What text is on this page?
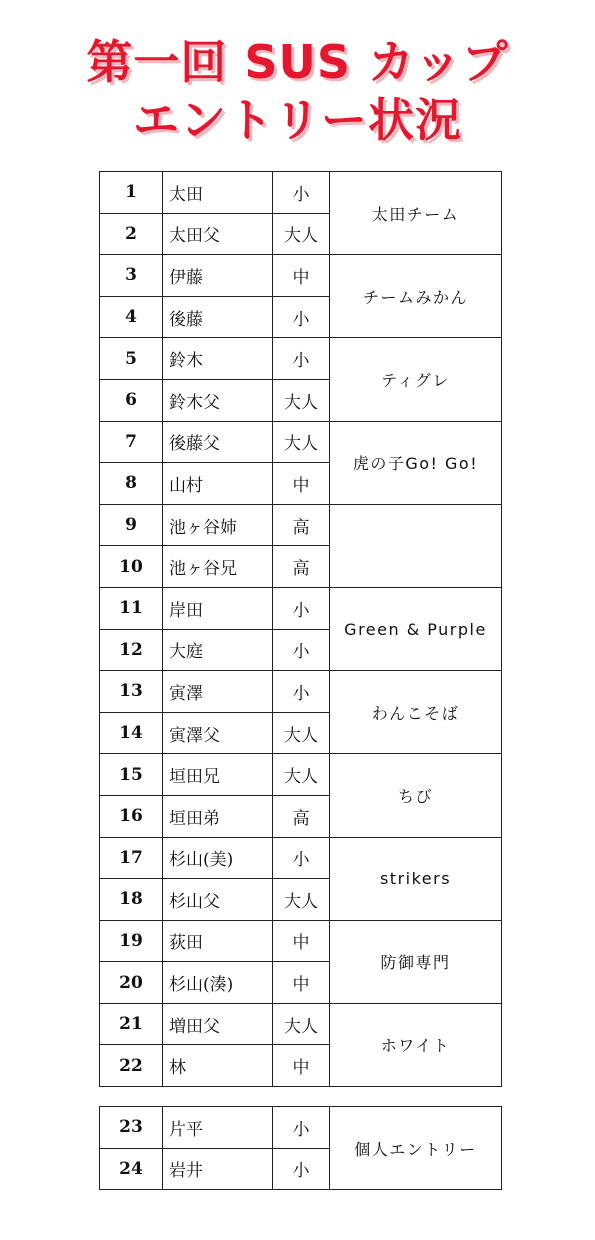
第一回 SUS カップ
エントリー状況
1	太田	小	太田チーム
2	太田父	大人	
3	伊藤	中	チームみかん
4	後藤	小	
5	鈴木	小	ティグレ
6	鈴木父	大人	
7	後藤父	大人	虎の子Go! Go!
8	山村	中	
9	池ヶ谷姉	高	
10	池ヶ谷兄	高	
11	岸田	小	Green & Purple
12	大庭	小	
13	寅澤	小	わんこそば
14	寅澤父	大人	
15	垣田兄	大人	ちび
16	垣田弟	高	
17	杉山(美)	小	strikers
18	杉山父	大人	
19	荻田	中	防御専門
20	杉山(湊)	中	
21	増田父	大人	ホワイト
22	林	中	
23	片平	小	個人エントリー
24	岩井	小	
